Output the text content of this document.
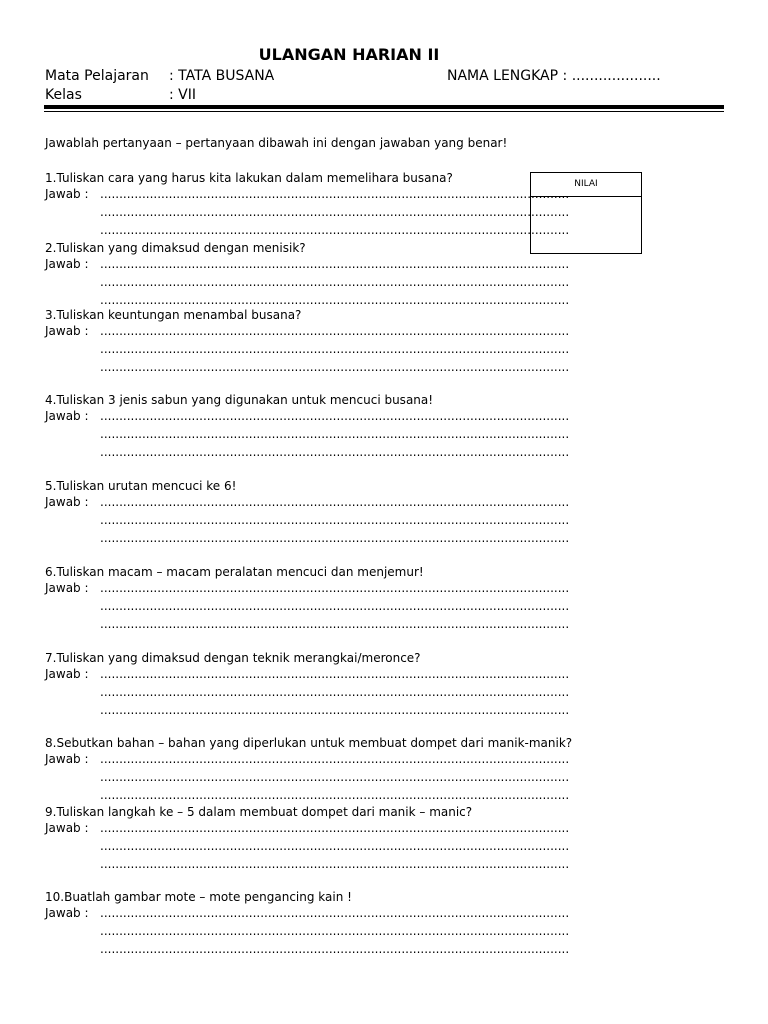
ULANGAN HARIAN II
Mata Pelajaran : TATA BUSANA	NAMA LENGKAP : ....................
Kelas	: VII
Jawablah pertanyaan – pertanyaan dibawah ini dengan jawaban yang benar!
NILAI
1.Tuliskan cara yang harus kita lakukan dalam memelihara busana?
Jawab : ...........................................................................................................................
...........................................................................................................................
...........................................................................................................................
2.Tuliskan yang dimaksud dengan menisik?
Jawab : ...........................................................................................................................
...........................................................................................................................
...........................................................................................................................
3.Tuliskan keuntungan menambal busana?
Jawab : ...........................................................................................................................
...........................................................................................................................
...........................................................................................................................
4.Tuliskan 3 jenis sabun yang digunakan untuk mencuci busana!
Jawab : ...........................................................................................................................
...........................................................................................................................
...........................................................................................................................
5.Tuliskan urutan mencuci ke 6!
Jawab : ...........................................................................................................................
...........................................................................................................................
...........................................................................................................................
6.Tuliskan macam – macam peralatan mencuci dan menjemur!
Jawab : ...........................................................................................................................
...........................................................................................................................
...........................................................................................................................
7.Tuliskan yang dimaksud dengan teknik merangkai/meronce?
Jawab : ...........................................................................................................................
...........................................................................................................................
...........................................................................................................................
8.Sebutkan bahan – bahan yang diperlukan untuk membuat dompet dari manik-manik?
Jawab : ...........................................................................................................................
...........................................................................................................................
...........................................................................................................................
9.Tuliskan langkah ke – 5 dalam membuat dompet dari manik – manic?
Jawab : ...........................................................................................................................
...........................................................................................................................
...........................................................................................................................
10.Buatlah gambar mote – mote pengancing kain !
Jawab : ...........................................................................................................................
...........................................................................................................................
...........................................................................................................................
